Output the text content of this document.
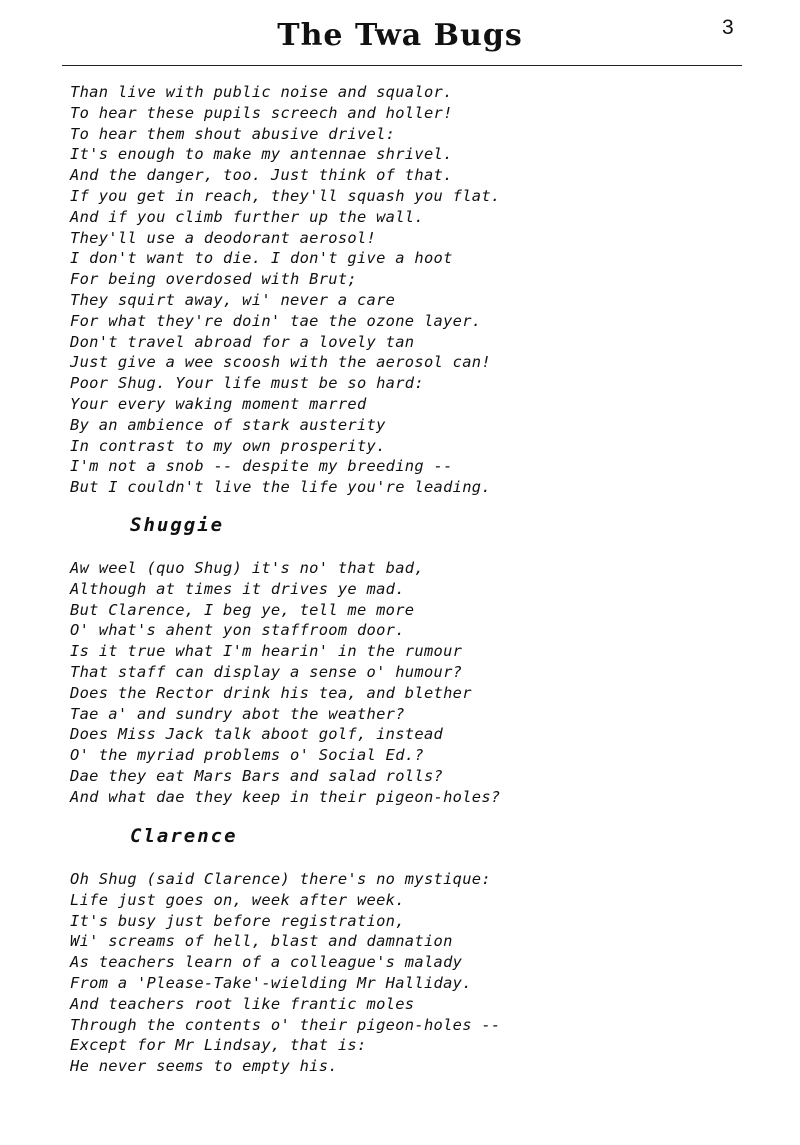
The Twa Bugs	3
Than live with public noise and squalor.
To hear these pupils screech and holler!
To hear them shout abusive drivel:
It's enough to make my antennae shrivel.
And the danger, too. Just think of that.
If you get in reach, they'll squash you flat.
And if you climb further up the wall.
They'll use a deodorant aerosol!
I don't want to die. I don't give a hoot
For being overdosed with Brut;
They squirt away, wi' never a care
For what they're doin' tae the ozone layer.
Don't travel abroad for a lovely tan
Just give a wee scoosh with the aerosol can!
Poor Shug. Your life must be so hard:
Your every waking moment marred
By an ambience of stark austerity
In contrast to my own prosperity.
I'm not a snob -- despite my breeding --
But I couldn't live the life you're leading.
Shuggie
Aw weel (quo Shug) it's no' that bad,
Although at times it drives ye mad.
But Clarence, I beg ye, tell me more
O' what's ahent yon staffroom door.
Is it true what I'm hearin' in the rumour
That staff can display a sense o' humour?
Does the Rector drink his tea, and blether
Tae a' and sundry abot the weather?
Does Miss Jack talk aboot golf, instead
O' the myriad problems o' Social Ed.?
Dae they eat Mars Bars and salad rolls?
And what dae they keep in their pigeon-holes?
Clarence
Oh Shug (said Clarence) there's no mystique:
Life just goes on, week after week.
It's busy just before registration,
Wi' screams of hell, blast and damnation
As teachers learn of a colleague's malady
From a 'Please-Take'-wielding Mr Halliday.
And teachers root like frantic moles
Through the contents o' their pigeon-holes --
Except for Mr Lindsay, that is:
He never seems to empty his.
